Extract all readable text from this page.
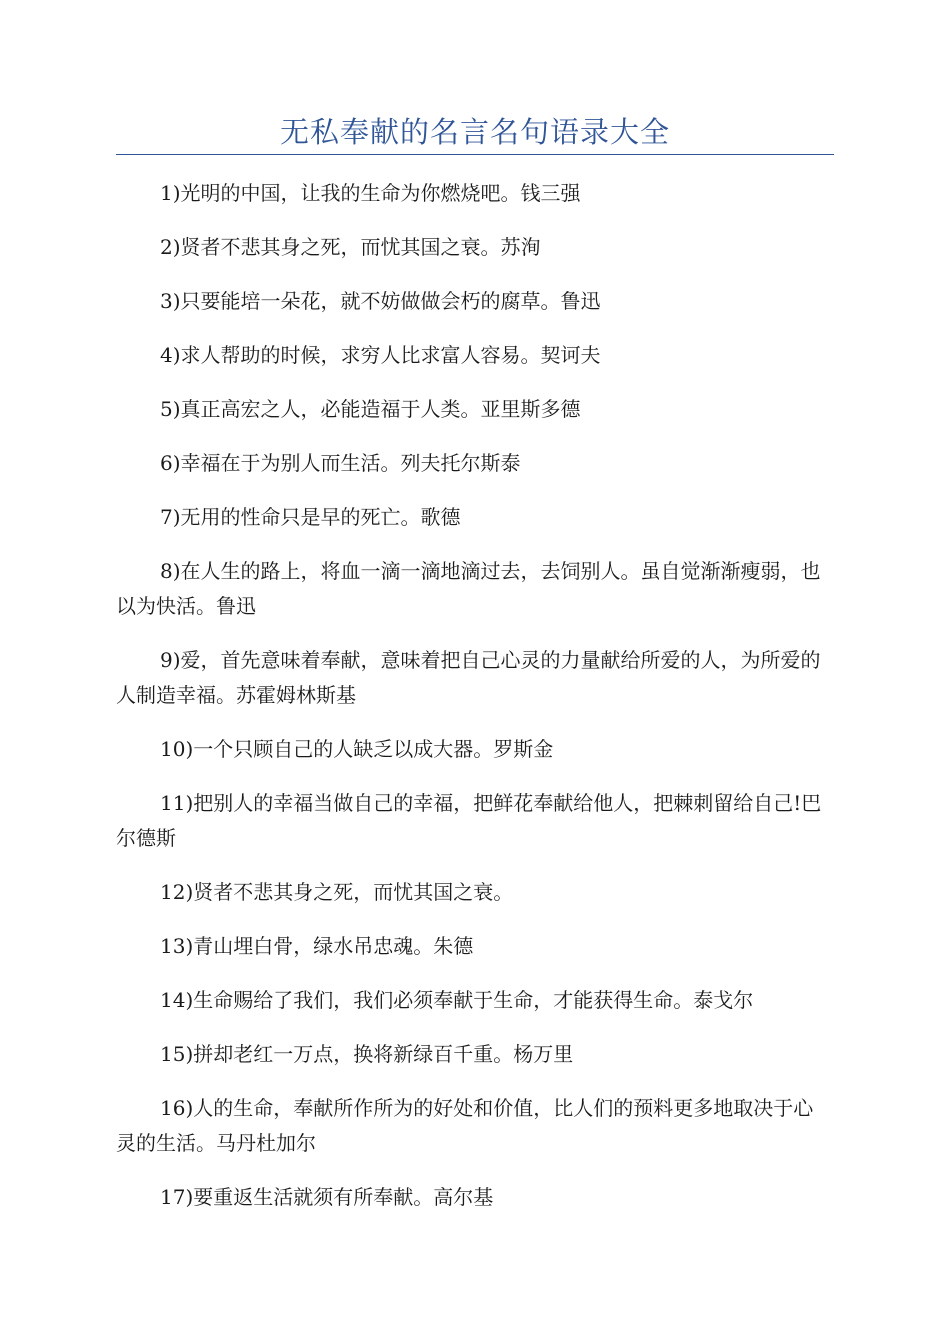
无私奉献的名言名句语录大全
1)光明的中国，让我的生命为你燃烧吧。钱三强
2)贤者不悲其身之死，而忧其国之衰。苏洵
3)只要能培一朵花，就不妨做做会朽的腐草。鲁迅
4)求人帮助的时候，求穷人比求富人容易。契诃夫
5)真正高宏之人，必能造福于人类。亚里斯多德
6)幸福在于为别人而生活。列夫托尔斯泰
7)无用的性命只是早的死亡。歌德
8)在人生的路上，将血一滴一滴地滴过去，去饲别人。虽自觉渐渐瘦弱，也以为快活。鲁迅
9)爱，首先意味着奉献，意味着把自己心灵的力量献给所爱的人，为所爱的人制造幸福。苏霍姆林斯基
10)一个只顾自己的人缺乏以成大器。罗斯金
11)把别人的幸福当做自己的幸福，把鲜花奉献给他人，把棘刺留给自己!巴尔德斯
12)贤者不悲其身之死，而忧其国之衰。
13)青山埋白骨，绿水吊忠魂。朱德
14)生命赐给了我们，我们必须奉献于生命，才能获得生命。泰戈尔
15)拼却老红一万点，换将新绿百千重。杨万里
16)人的生命，奉献所作所为的好处和价值，比人们的预料更多地取决于心灵的生活。马丹杜加尔
17)要重返生活就须有所奉献。高尔基
